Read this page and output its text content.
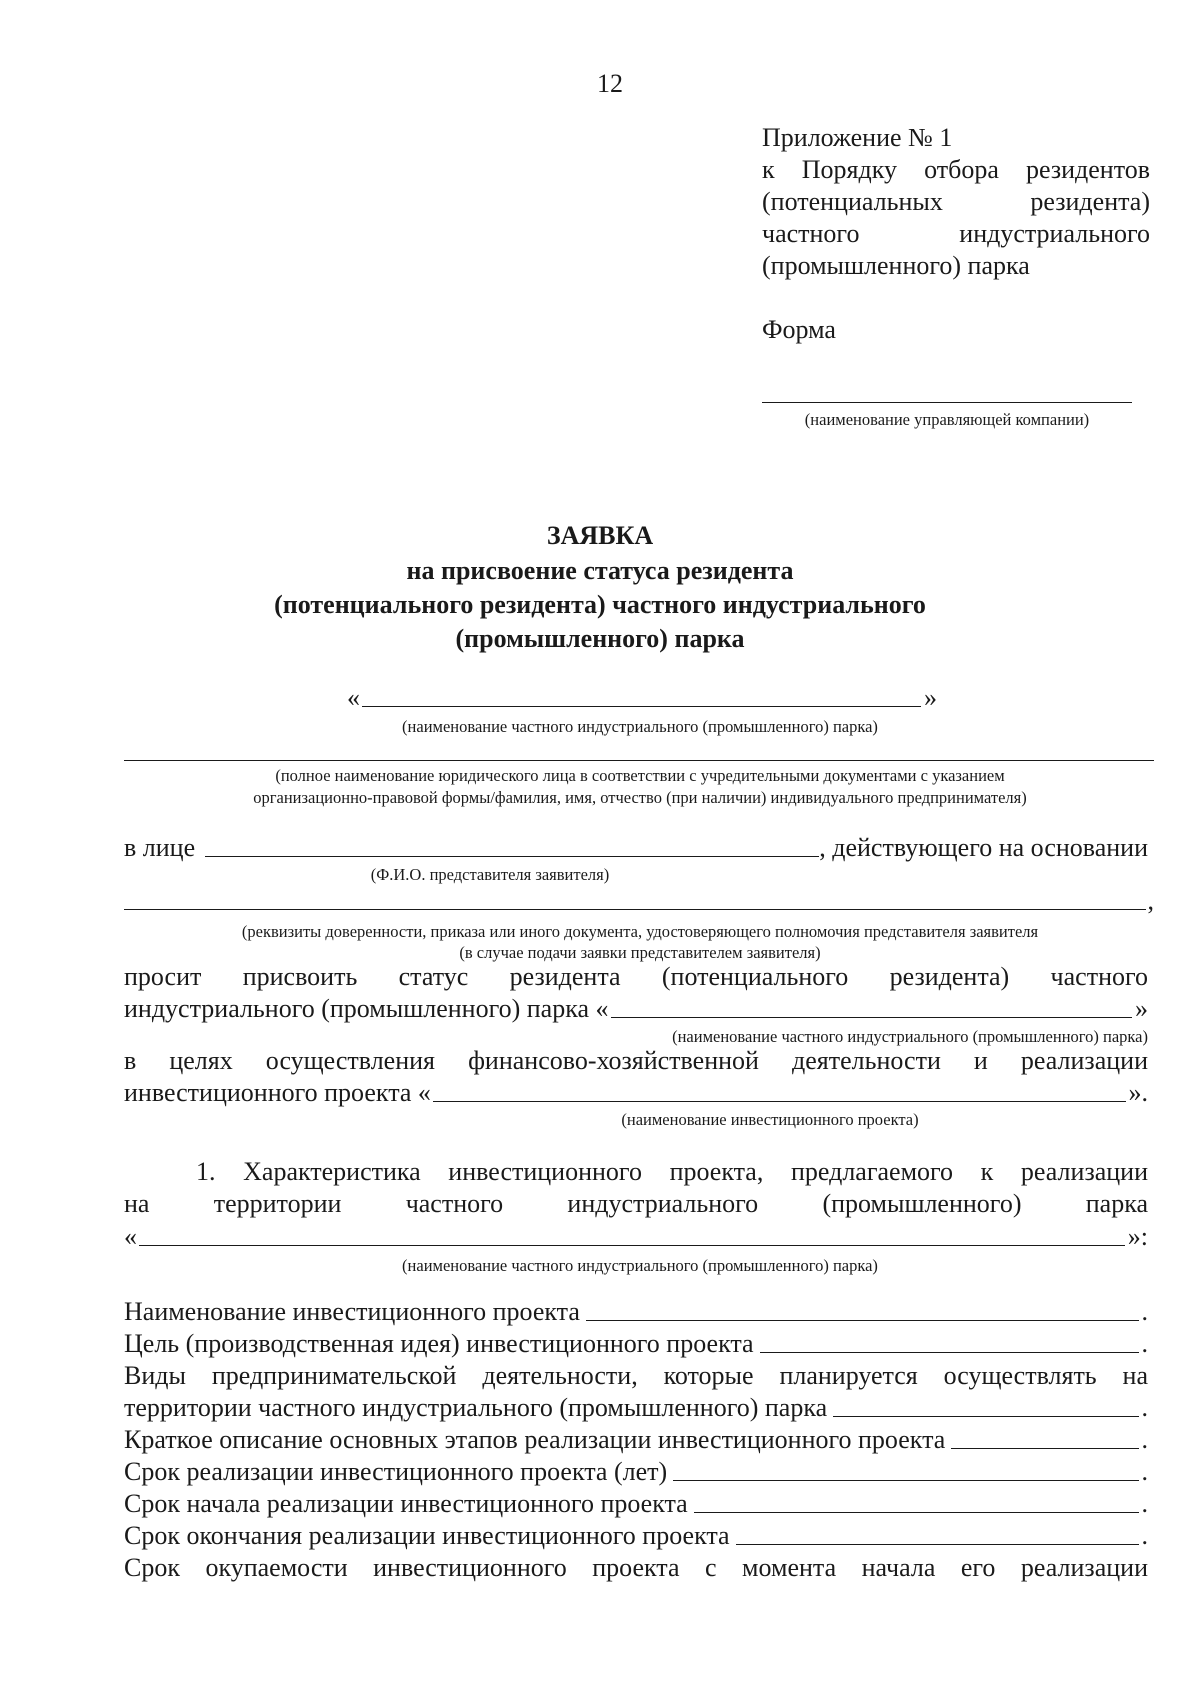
12
Приложение № 1
к Порядку отбора резидентов
(потенциальных резидента)
частного индустриального
(промышленного) парка
Форма
(наименование управляющей компании)
ЗАЯВКА
на присвоение статуса резидента
(потенциального резидента) частного индустриального
(промышленного) парка
«	»
(наименование частного индустриального (промышленного) парка)
(полное наименование юридического лица в соответствии с учредительными документами с указанием
организационно-правовой формы/фамилия, имя, отчество (при наличии) индивидуального предпринимателя)
в лице	, действующего на основании
(Ф.И.О. представителя заявителя)
,
(реквизиты доверенности, приказа или иного документа, удостоверяющего полномочия представителя заявителя
(в случае подачи заявки представителем заявителя)
просит присвоить статус резидента (потенциального резидента) частного
индустриального (промышленного) парка «	»
(наименование частного индустриального (промышленного) парка)
в целях осуществления финансово-хозяйственной деятельности и реализации
инвестиционного проекта «	».
(наименование инвестиционного проекта)
1. Характеристика инвестиционного проекта, предлагаемого к реализации
на территории частного индустриального (промышленного) парка
«	»:
(наименование частного индустриального (промышленного) парка)
Наименование инвестиционного проекта	.
Цель (производственная идея) инвестиционного проекта	.
Виды предпринимательской деятельности, которые планируется осуществлять на
территории частного индустриального (промышленного) парка	.
Краткое описание основных этапов реализации инвестиционного проекта	.
Срок реализации инвестиционного проекта (лет)	.
Срок начала реализации инвестиционного проекта	.
Срок окончания реализации инвестиционного проекта	.
Срок окупаемости инвестиционного проекта с момента начала его реализации
